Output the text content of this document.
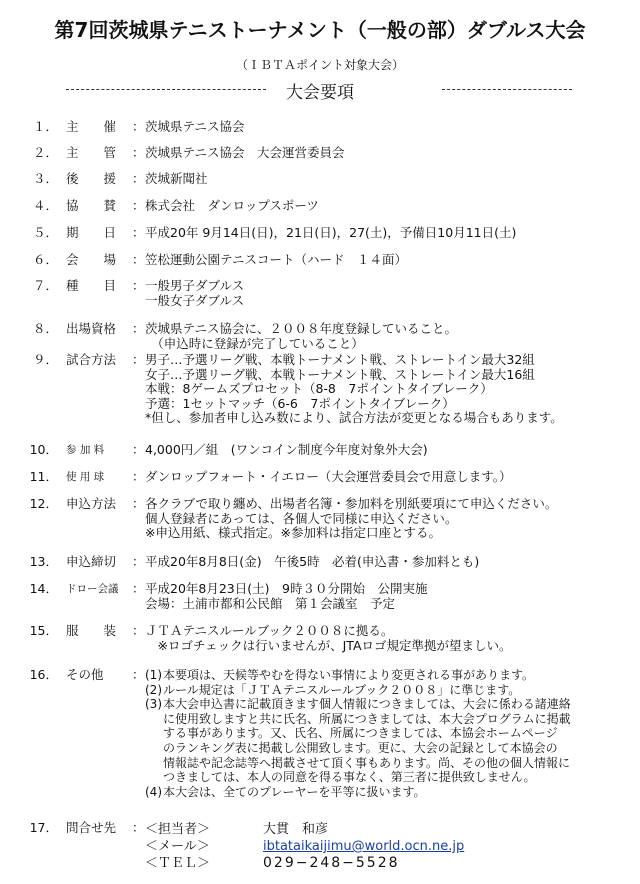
第7回茨城県テニストーナメント（一般の部）ダブルス大会
（ＩＢＴＡポイント対象大会）
大会要項
１． 主　　催	： 茨城県テニス協会
２． 主　　管	： 茨城県テニス協会　大会運営委員会
３． 後　　援	： 茨城新聞社
４． 協　　賛	： 株式会社　ダンロップスポーツ
５． 期　　日	： 平成20年 9月14日(日)，21日(日)，27(土)，予備日10月11日(土)
６． 会　　場	： 笠松運動公園テニスコート（ハード　１４面）
７． 種　　目	： 一般男子ダブルス
一般女子ダブルス
８． 出場資格	： 茨城県テニス協会に、２００８年度登録していること。
　（申込時に登録が完了していること）
９． 試合方法	： 男子…予選リーグ戦、本戦トーナメント戦、ストレートイン最大32組
女子…予選リーグ戦、本戦トーナメント戦、ストレートイン最大16組
本戦：8ゲームズプロセット（8-8　7ポイントタイブレーク）
予選：1セットマッチ（6-6　7ポイントタイブレーク）
*但し、参加者申し込み数により、試合方法が変更となる場合もあります。
10． 参 加 料	： 4,000円／組　(ワンコイン制度今年度対象外大会)
11． 使 用 球	： ダンロップフォート・イエロー（大会運営委員会で用意します。）
12． 申込方法	： 各クラブで取り纏め、出場者名簿・参加料を別紙要項にて申込ください。
個人登録者にあっては、各個人で同様に申込ください。
※申込用紙、様式指定。※参加料は指定口座とする。
13． 申込締切	： 平成20年8月8日(金)　午後5時　必着(申込書・参加料とも)
14． ドロー会議	： 平成20年8月23日(土)　9時３０分開始　公開実施
会場：土浦市都和公民館　第１会議室　予定
15． 服　　装	： ＪＴＡテニスルールブック２００８に拠る。
　※ロゴチェックは行いませんが、JTAロゴ規定準拠が望ましい。
16． その他	： (1) 本要項は、天候等やむを得ない事情により変更される事があります。
(2) ルール規定は「ＪＴＡテニスルールブック２００８」に準じます。
(3) 本大会申込書に記載頂きます個人情報につきましては、大会に係わる諸連絡
に使用致しますと共に氏名、所属につきましては、本大会プログラムに掲載
する事があります。又、氏名、所属につきましては、本協会ホームページ
のランキング表に掲載し公開致します。更に、大会の記録として本協会の
情報誌や記念誌等へ掲載させて頂く事もあります。尚、その他の個人情報に
つきましては、本人の同意を得る事なく、第三者に提供致しません。
(4) 本大会は、全てのプレーヤーを平等に扱います。
17． 問合せ先	： ＜担当者＞	大貫　和彦
＜メール＞	ibtataikaijimu@world.ocn.ne.jp
＜ＴＥＬ＞	029−248−5528
